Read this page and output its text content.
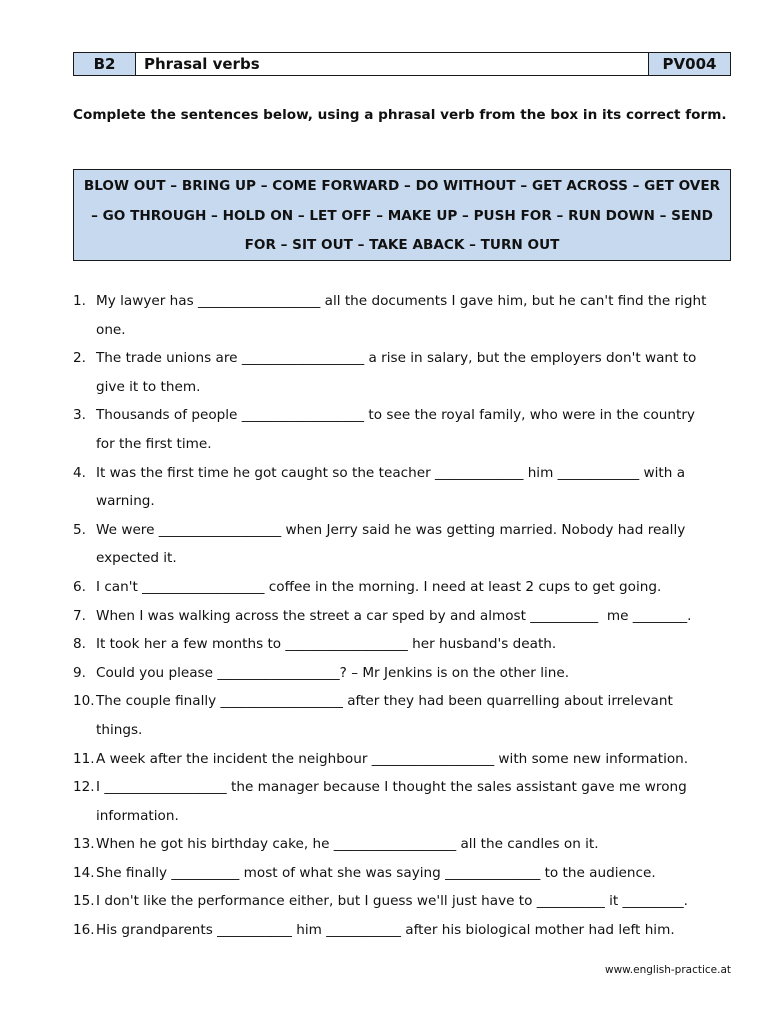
B2	Phrasal verbs	PV004
Complete the sentences below, using a phrasal verb from the box in its correct form.
BLOW OUT – BRING UP – COME FORWARD – DO WITHOUT – GET ACROSS – GET OVER
– GO THROUGH – HOLD ON – LET OFF – MAKE UP – PUSH FOR – RUN DOWN – SEND
FOR – SIT OUT – TAKE ABACK – TURN OUT
1. My lawyer has __________________ all the documents I gave him, but he can't find the right
one.
2. The trade unions are __________________ a rise in salary, but the employers don't want to
give it to them.
3. Thousands of people __________________ to see the royal family, who were in the country
for the first time.
4. It was the first time he got caught so the teacher _____________ him ____________ with a
warning.
5. We were __________________ when Jerry said he was getting married. Nobody had really
expected it.
6. I can't __________________ coffee in the morning. I need at least 2 cups to get going.
7. When I was walking across the street a car sped by and almost __________  me ________.
8. It took her a few months to __________________ her husband's death.
9. Could you please __________________? – Mr Jenkins is on the other line.
10. The couple finally __________________ after they had been quarrelling about irrelevant
things.
11. A week after the incident the neighbour __________________ with some new information.
12. I __________________ the manager because I thought the sales assistant gave me wrong
information.
13. When he got his birthday cake, he __________________ all the candles on it.
14. She finally __________ most of what she was saying ______________ to the audience.
15. I don't like the performance either, but I guess we'll just have to __________ it _________.
16. His grandparents ___________ him ___________ after his biological mother had left him.
www.english-practice.at
